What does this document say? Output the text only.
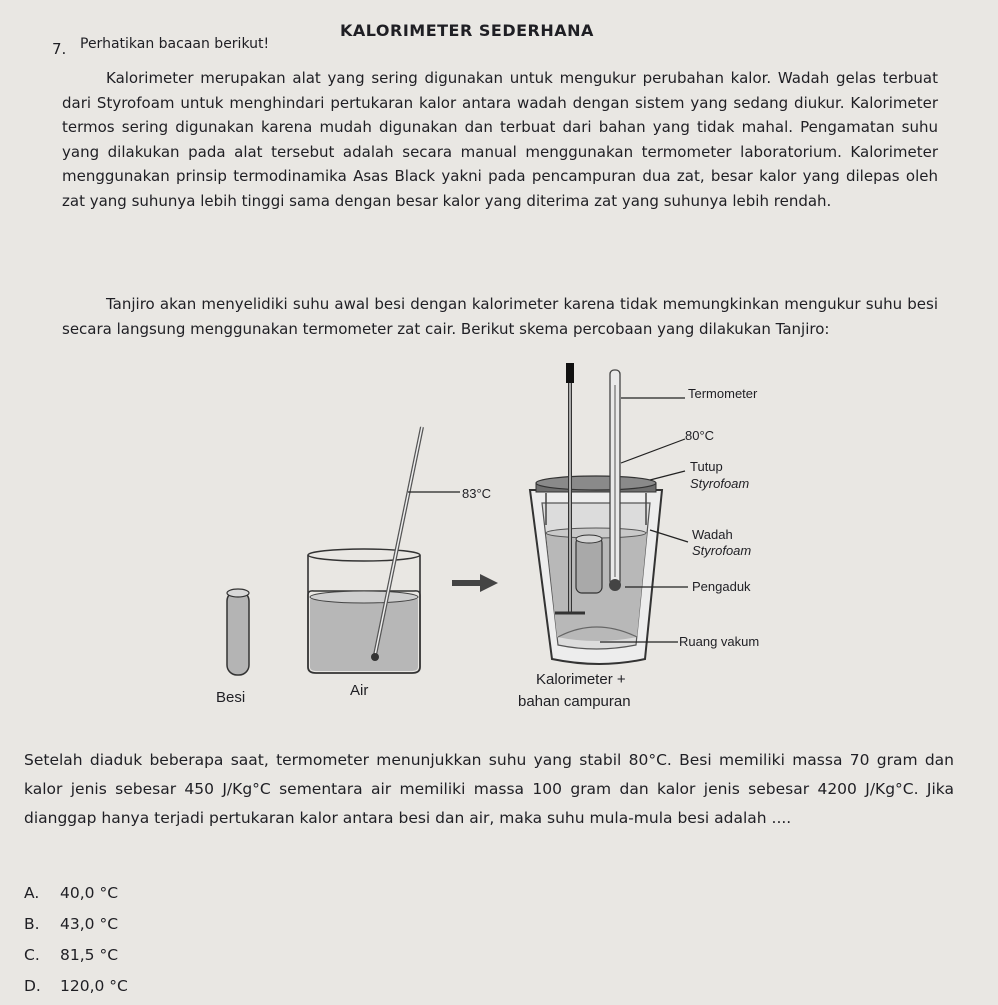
7. Perhatikan bacaan berikut!
KALORIMETER SEDERHANA

Kalorimeter merupakan alat yang sering digunakan untuk mengukur perubahan kalor. Wadah gelas terbuat dari Styrofoam untuk menghindari pertukaran kalor antara wadah dengan sistem yang sedang diukur. Kalorimeter termos sering digunakan karena mudah digunakan dan terbuat dari bahan yang tidak mahal. Pengamatan suhu yang dilakukan pada alat tersebut adalah secara manual menggunakan termometer laboratorium. Kalorimeter menggunakan prinsip termodinamika Asas Black yakni pada pencampuran dua zat, besar kalor yang dilepas oleh zat yang suhunya lebih tinggi sama dengan besar kalor yang diterima zat yang suhunya lebih rendah.

Tanjiro akan menyelidiki suhu awal besi dengan kalorimeter karena tidak memungkinkan mengukur suhu besi secara langsung menggunakan termometer zat cair. Berikut skema percobaan yang dilakukan Tanjiro:

Besi
83°C
Air
Termometer
80°C
Tutup
Styrofoam
Wadah
Styrofoam
Pengaduk
Ruang vakum
Kalorimeter +
bahan campuran
Setelah diaduk beberapa saat, termometer menunjukkan suhu yang stabil 80°C. Besi memiliki massa 70 gram dan kalor jenis sebesar 450 J/Kg°C sementara air memiliki massa 100 gram dan kalor jenis sebesar 4200 J/Kg°C. Jika dianggap hanya terjadi pertukaran kalor antara besi dan air, maka suhu mula-mula besi adalah ....
A.	40,0 °C
B.	43,0 °C
C.	81,5 °C
D.	120,0 °C
